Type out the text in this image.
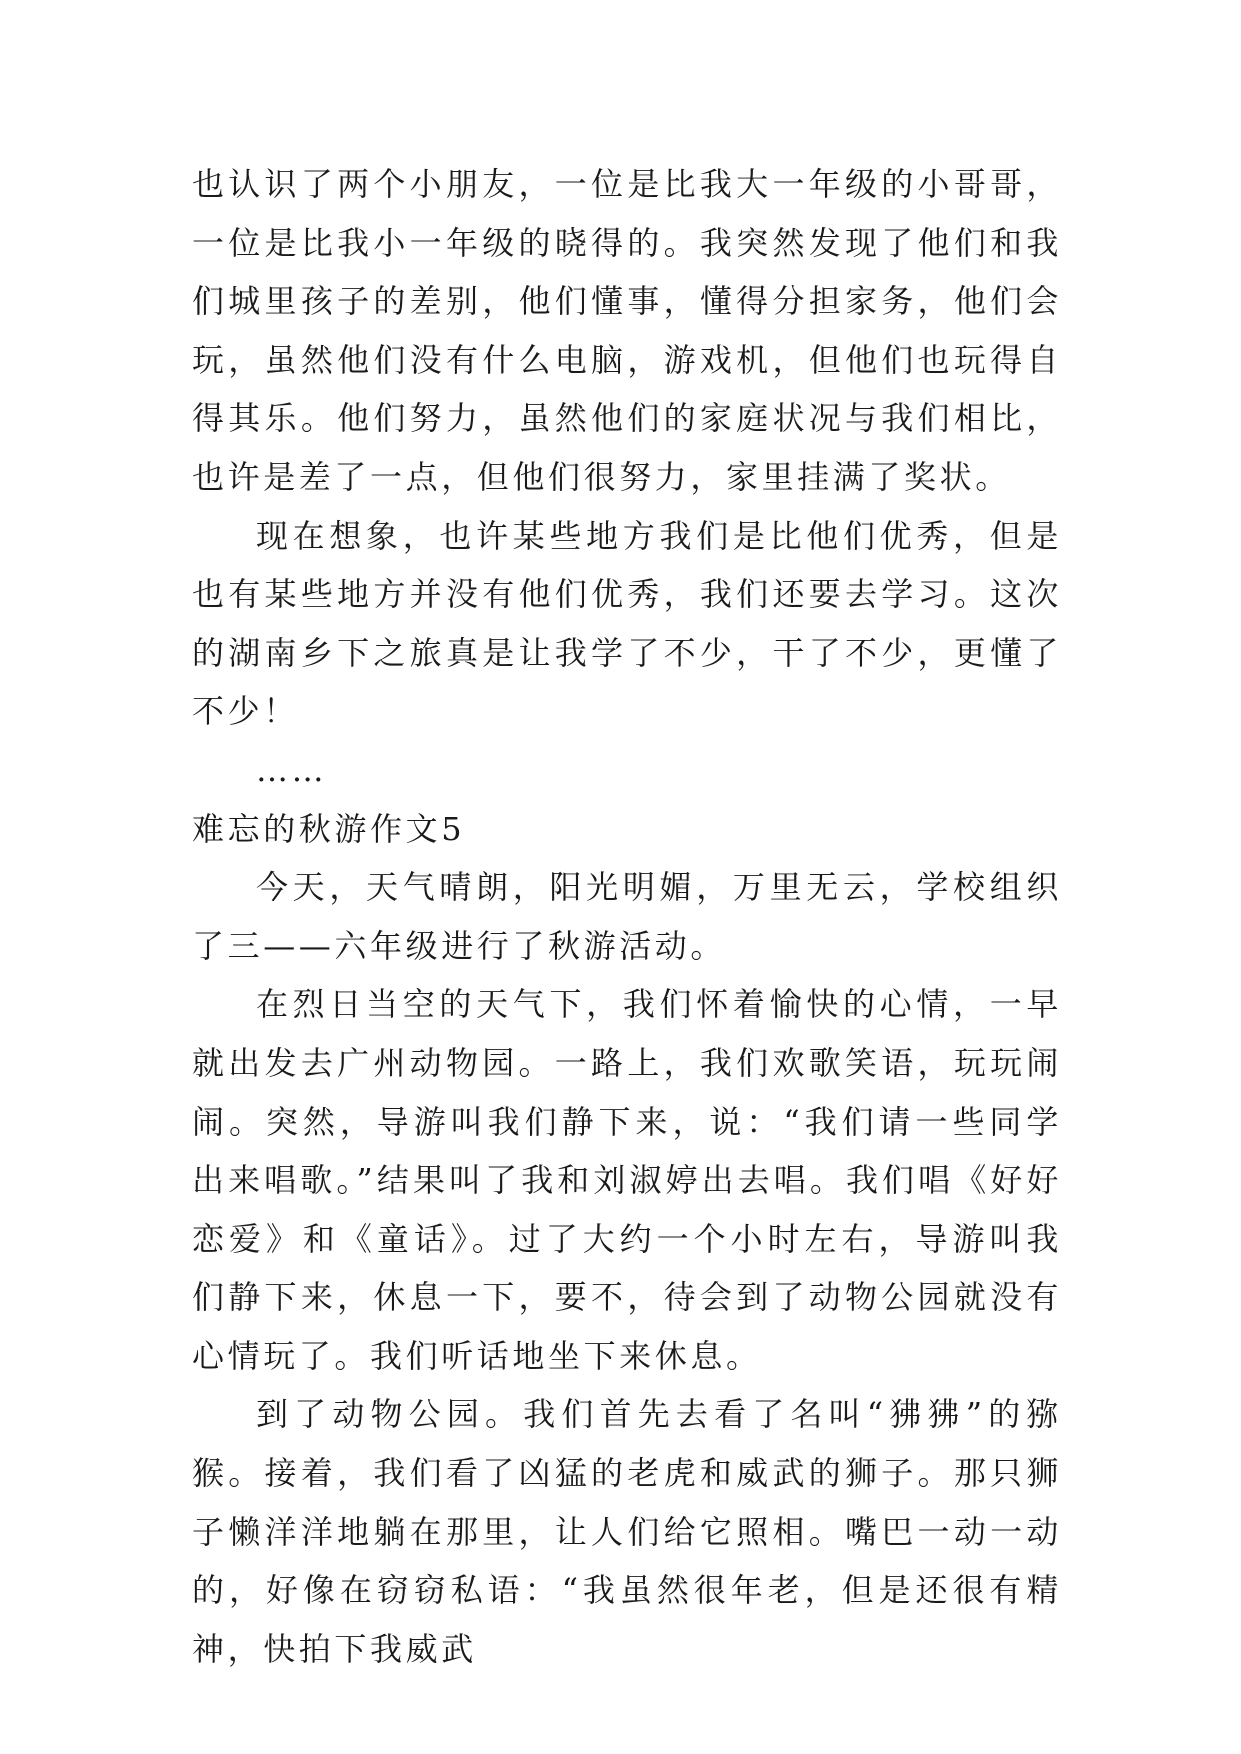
也认识了两个小朋友，一位是比我大一年级的小哥哥，一位是比我小一年级的晓得的。我突然发现了他们和我们城里孩子的差别，他们懂事，懂得分担家务，他们会玩，虽然他们没有什么电脑，游戏机，但他们也玩得自得其乐。他们努力，虽然他们的家庭状况与我们相比，也许是差了一点，但他们很努力，家里挂满了奖状。

现在想象，也许某些地方我们是比他们优秀，但是也有某些地方并没有他们优秀，我们还要去学习。这次的湖南乡下之旅真是让我学了不少，干了不少，更懂了不少！

……

难忘的秋游作文5

今天，天气晴朗，阳光明媚，万里无云，学校组织了三——六年级进行了秋游活动。

在烈日当空的天气下，我们怀着愉快的心情，一早就出发去广州动物园。一路上，我们欢歌笑语，玩玩闹闹。突然，导游叫我们静下来，说：“我们请一些同学出来唱歌。”结果叫了我和刘淑婷出去唱。我们唱《好好恋爱》和《童话》。过了大约一个小时左右，导游叫我们静下来，休息一下，要不，待会到了动物公园就没有心情玩了。我们听话地坐下来休息。

到了动物公园。我们首先去看了名叫“狒狒”的猕猴。接着，我们看了凶猛的老虎和威武的狮子。那只狮子懒洋洋地躺在那里，让人们给它照相。嘴巴一动一动的，好像在窃窃私语：“我虽然很年老，但是还很有精神，快拍下我威武
